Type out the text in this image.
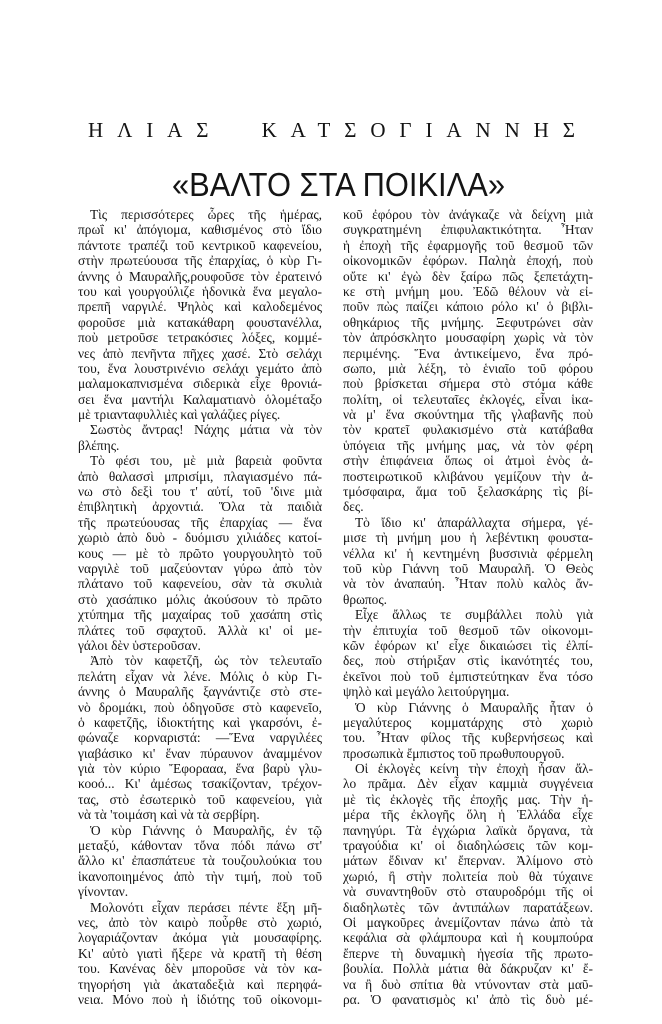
ΗΛΙΑΣ ΚΑΤΣΟΓΙΑΝΝΗΣ
«ΒΑΛΤΟ ΣΤΑ ΠΟΙΚΙΛΑ»
Τὶς περισσότερες ὧρες τῆς ἡμέρας,
πρωΐ κι' ἀπόγιομα, καθισμένος στὸ ἴδιο
πάντοτε τραπέζι τοῦ κεντρικοῦ καφενείου,
στὴν πρωτεύουσα τῆς ἐπαρχίας, ὁ κὺρ Γι-
άννης ὁ Μαυραλῆς,ρουφοῦσε τὸν ἐρατεινό
του καὶ γουργούλιζε ἡδονικὰ ἕνα μεγαλο-
πρεπῆ ναργιλέ. Ψηλὸς καὶ καλοδεμένος
φοροῦσε μιὰ κατακάθαρη φουστανέλλα,
ποὺ μετροῦσε τετρακόσιες λόξες, κομμέ-
νες ἀπὸ πενῆντα πῆχες χασέ. Στὸ σελάχι
του, ἕνα λουστρινένιο σελάχι γεμάτο ἀπὸ
μαλαμοκαπνισμένα σιδερικὰ εἶχε θρονιά-
σει ἕνα μαντήλι Καλαματιανὸ ὁλομέταξο
μὲ τριανταφυλλιὲς καὶ γαλάζιες ρίγες.
Σωστὸς ἄντρας! Νάχης μάτια νὰ τὸν
βλέπης.
Τὸ φέσι του, μὲ μιὰ βαρειὰ φοῦντα
ἀπὸ θαλασσὶ μπρισίμι, πλαγιασμένο πά-
νω στὸ δεξὶ του τ' αὐτί, τοῦ 'δινε μιὰ
ἐπιβλητικὴ ἀρχοντιά. Ὅλα τὰ παιδιὰ
τῆς πρωτεύουσας τῆς ἐπαρχίας — ἕνα
χωριὸ ἀπὸ δυὸ - δυόμισυ χιλιάδες κατοί-
κους — μὲ τὸ πρῶτο γουργουλητὸ τοῦ
ναργιλὲ τοῦ μαζεύονταν γύρω ἀπὸ τὸν
πλάτανο τοῦ καφενείου, σὰν τὰ σκυλιὰ
στὸ χασάπικο μόλις ἀκούσουν τὸ πρῶτο
χτύπημα τῆς μαχαίρας τοῦ χασάπη στὶς
πλάτες τοῦ σφαχτοῦ. Ἀλλὰ κι' οἱ με-
γάλοι δὲν ὑστεροῦσαν.
Ἀπὸ τὸν καφετζῆ, ὡς τὸν τελευταῖο
πελάτη εἶχαν νὰ λένε. Μόλις ὁ κὺρ Γι-
άννης ὁ Μαυραλῆς ξαγνάντιζε στὸ στε-
νὸ δρομάκι, ποὺ ὁδηγοῦσε στὸ καφενεῖο,
ὁ καφετζῆς, ἰδιοκτήτης καὶ γκαρσόνι, ἐ-
φώναζε κορναριστά: —Ἕνα ναργιλέες
γιαβάσικο κι' ἕναν πύραυνον ἀναμμένον
γιὰ τὸν κύριο Ἔφορααα, ἕνα βαρὺ γλυ-
κοοό... Κι' ἀμέσως τσακίζονταν, τρέχον-
τας, στὸ ἐσωτερικὸ τοῦ καφενείου, γιὰ
νὰ τὰ 'τοιμάση καὶ νὰ τὰ σερβίρη.
Ὁ κὺρ Γιάννης ὁ Μαυραλῆς, ἐν τῷ
μεταξύ, κάθονταν τὄνα πόδι πάνω στ'
ἄλλο κι' ἐπασπάτευε τὰ τουζουλούκια του
ἱκανοποιημένος ἀπὸ τὴν τιμή, ποὺ τοῦ
γίνονταν.
Μολονότι εἶχαν περάσει πέντε ἕξη μῆ-
νες, ἀπὸ τὸν καιρὸ ποὖρθε στὸ χωριό,
λογαριάζονταν ἀκόμα γιὰ μουσαφίρης.
Κι' αὐτὸ γιατὶ ἤξερε νὰ κρατῆ τὴ θέση
του. Κανένας δὲν μποροῦσε νὰ τὸν κα-
τηγορήση γιὰ ἀκαταδεξιὰ καὶ περηφά-
νεια. Μόνο ποὺ ἡ ἰδιότης τοῦ οἰκονομι-
κοῦ ἐφόρου τὸν ἀνάγκαζε νὰ δείχνη μιὰ
συγκρατημένη ἐπιφυλακτικότητα. Ἦταν
ἡ ἐποχὴ τῆς ἐφαρμογῆς τοῦ θεσμοῦ τῶν
οἰκονομικῶν ἐφόρων. Παληὰ ἐποχή, ποὺ
οὔτε κι' ἐγὼ δὲν ξαίρω πῶς ξεπετάχτη-
κε στὴ μνήμη μου. Ἐδῶ θέλουν νὰ εἰ-
ποῦν πὼς παίζει κάποιο ρόλο κι' ὁ βιβλι-
οθηκάριος τῆς μνήμης. Ξεφυτρώνει σὰν
τὸν ἀπρόσκλητο μουσαφίρη χωρὶς νὰ τὸν
περιμένης. Ἕνα ἀντικείμενο, ἕνα πρό-
σωπο, μιὰ λέξη, τὸ ἑνιαῖο τοῦ φόρου
ποὺ βρίσκεται σήμερα στὸ στόμα κάθε
πολίτη, οἱ τελευταῖες ἐκλογές, εἶναι ἱκα-
νὰ μ' ἕνα σκούντημα τῆς γλαβανῆς ποὺ
τὸν κρατεῖ φυλακισμένο στὰ κατάβαθα
ὑπόγεια τῆς μνήμης μας, νὰ τὸν φέρη
στὴν ἐπιφάνεια ὅπως οἱ ἀτμοὶ ἑνὸς ἀ-
ποστειρωτικοῦ κλιβάνου γεμίζουν τὴν ἀ-
τμόσφαιρα, ἅμα τοῦ ξελασκάρης τὶς βί-
δες.
Τὸ ἴδιο κι' ἀπαράλλαχτα σήμερα, γέ-
μισε τὴ μνήμη μου ἡ λεβέντικη φουστα-
νέλλα κι' ἡ κεντημένη βυσσινιὰ φέρμελη
τοῦ κὺρ Γιάννη τοῦ Μαυραλῆ. Ὁ Θεὸς
νὰ τὸν ἀναπαύη. Ἦταν πολὺ καλὸς ἄν-
θρωπος.
Εἶχε ἄλλως τε συμβάλλει πολὺ γιὰ
τὴν ἐπιτυχία τοῦ θεσμοῦ τῶν οἰκονομι-
κῶν ἐφόρων κι' εἶχε δικαιώσει τὶς ἐλπί-
δες, ποὺ στήριξαν στὶς ἱκανότητές του,
ἐκεῖνοι ποὺ τοῦ ἐμπιστεύτηκαν ἕνα τόσο
ψηλὸ καὶ μεγάλο λειτούργημα.
Ὁ κὺρ Γιάννης ὁ Μαυραλῆς ἦταν ὁ
μεγαλύτερος κομματάρχης στὸ χωριὸ
του. Ἦταν φίλος τῆς κυβερνήσεως καὶ
προσωπικὰ ἔμπιστος τοῦ πρωθυπουργοῦ.
Οἱ ἐκλογὲς κείνη τὴν ἐποχὴ ἦσαν ἄλ-
λο πρᾶμα. Δὲν εἶχαν καμμιὰ συγγένεια
μὲ τὶς ἐκλογὲς τῆς ἐποχῆς μας. Τὴν ἡ-
μέρα τῆς ἐκλογῆς ὅλη ἡ Ἑλλάδα εἶχε
πανηγύρι. Τὰ ἐγχώρια λαϊκὰ ὄργανα, τὰ
τραγούδια κι' οἱ διαδηλώσεις τῶν κομ-
μάτων ἔδιναν κι' ἔπερναν. Ἀλίμονο στὸ
χωριό, ἢ στὴν πολιτεία ποὺ θὰ τύχαινε
νὰ συναντηθοῦν στὸ σταυροδρόμι τῆς οἱ
διαδηλωτὲς τῶν ἀντιπάλων παρατάξεων.
Οἱ μαγκοῦρες ἀνεμίζονταν πάνω ἀπὸ τὰ
κεφάλια σὰ φλάμπουρα καὶ ἡ κουμπούρα
ἔπερνε τὴ δυναμικὴ ἡγεσία τῆς πρωτο-
βουλία. Πολλὰ μάτια θὰ δάκρυζαν κι' ἔ-
να ἢ δυὸ σπίτια θὰ ντύνονταν στὰ μαῦ-
ρα. Ὁ φανατισμὸς κι' ἀπὸ τὶς δυὸ μέ-
